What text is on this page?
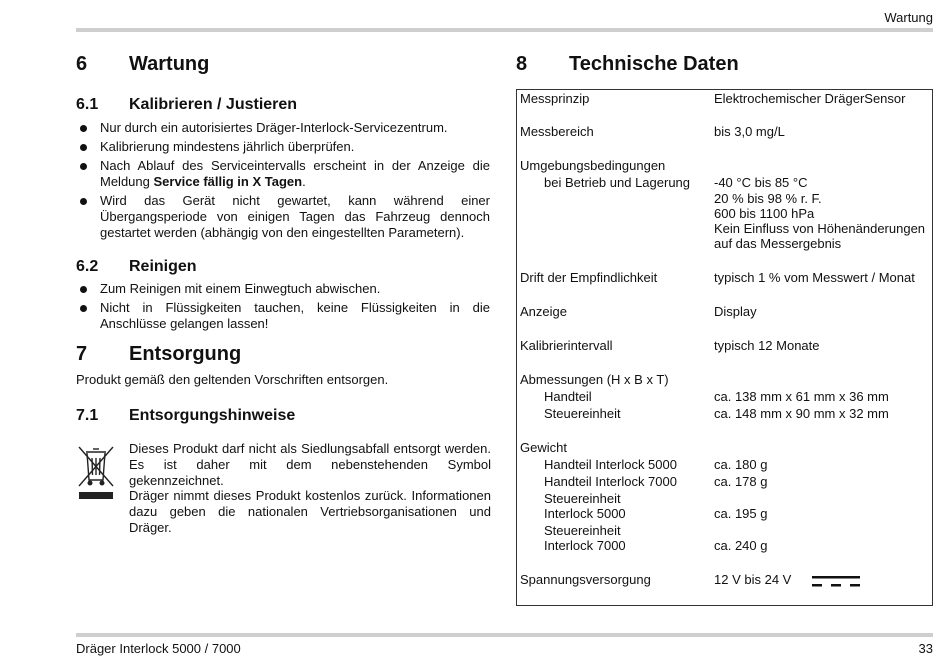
Wartung
6 Wartung
6.1 Kalibrieren / Justieren
Nur durch ein autorisiertes Dräger-Interlock-Servicezentrum.
Kalibrierung mindestens jährlich überprüfen.
Nach Ablauf des Serviceintervalls erscheint in der Anzeige die Meldung Service fällig in X Tagen.
Wird das Gerät nicht gewartet, kann während einer Übergangsperiode von einigen Tagen das Fahrzeug dennoch gestartet werden (abhängig von den eingestellten Parametern).
6.2 Reinigen
Zum Reinigen mit einem Einwegtuch abwischen.
Nicht in Flüssigkeiten tauchen, keine Flüssigkeiten in die Anschlüsse gelangen lassen!
7 Entsorgung
Produkt gemäß den geltenden Vorschriften entsorgen.
7.1 Entsorgungshinweise
Dieses Produkt darf nicht als Siedlungsabfall entsorgt werden. Es ist daher mit dem nebenstehenden Symbol gekennzeichnet.
Dräger nimmt dieses Produkt kostenlos zurück. Informationen dazu geben die nationalen Vertriebsorganisationen und Dräger.
8 Technische Daten
Messprinzip	Elektrochemischer DrägerSensor
Messbereich	bis 3,0 mg/L
Umgebungsbedingungen
bei Betrieb und Lagerung -40 °C bis 85 °C
20 % bis 98 % r. F.
600 bis 1100 hPa
Kein Einfluss von Höhenänderungen
auf das Messergebnis
Drift der Empfindlichkeit	typisch 1 % vom Messwert / Monat
Anzeige	Display
Kalibrierintervall	typisch 12 Monate
Abmessungen (H x B x T)
Handteil	ca. 138 mm x 61 mm x 36 mm
Steuereinheit	ca. 148 mm x 90 mm x 32 mm
Gewicht
Handteil Interlock 5000	ca. 180 g
Handteil Interlock 7000	ca. 178 g
Steuereinheit
Interlock 5000	ca. 195 g
Steuereinheit
Interlock 7000	ca. 240 g
Spannungsversorgung	12 V bis 24 V
Dräger Interlock 5000 / 7000	33
